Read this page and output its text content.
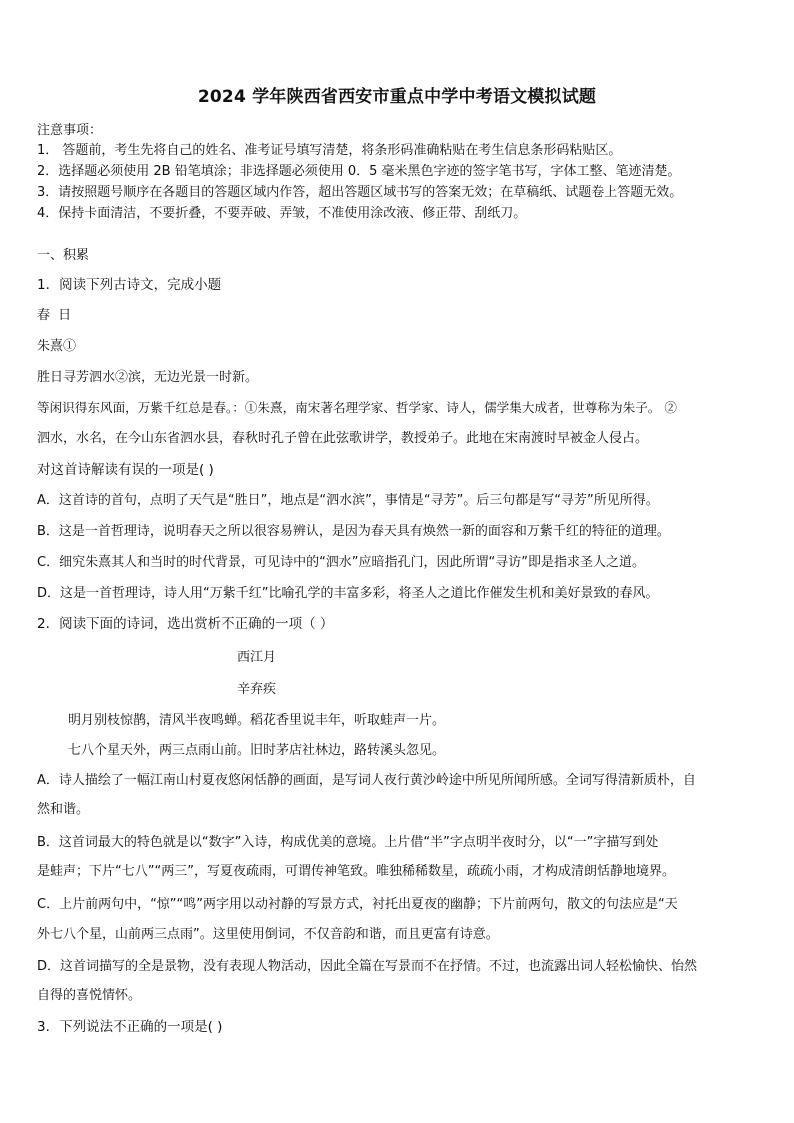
2024 学年陕西省西安市重点中学中考语文模拟试题
注意事项：
1． 答题前，考生先将自己的姓名、准考证号填写清楚，将条形码准确粘贴在考生信息条形码粘贴区。
2．选择题必须使用 2B 铅笔填涂；非选择题必须使用 0．5 毫米黑色字迹的签字笔书写，字体工整、笔迹清楚。
3．请按照题号顺序在各题目的答题区域内作答，超出答题区域书写的答案无效；在草稿纸、试题卷上答题无效。
4．保持卡面清洁，不要折叠，不要弄破、弄皱，不准使用涂改液、修正带、刮纸刀。
一、积累
1．阅读下列古诗文，完成小题
春 日
朱熹①
胜日寻芳泗水②滨，无边光景一时新。
等闲识得东风面，万紫千红总是春。：①朱熹，南宋著名理学家、哲学家、诗人，儒学集大成者，世尊称为朱子。 ②
泗水，水名，在今山东省泗水县，春秋时孔子曾在此弦歌讲学，教授弟子。此地在宋南渡时早被金人侵占。
对这首诗解读有误的一项是( )
A．这首诗的首句，点明了天气是“胜日”，地点是“泗水滨”，事情是“寻芳”。后三句都是写“寻芳”所见所得。
B．这是一首哲理诗，说明春天之所以很容易辨认，是因为春天具有焕然一新的面容和万紫千红的特征的道理。
C．细究朱熹其人和当时的时代背景，可见诗中的“泗水”应暗指孔门，因此所谓“寻访”即是指求圣人之道。
D．这是一首哲理诗，诗人用“万紫千红”比喻孔学的丰富多彩，将圣人之道比作催发生机和美好景致的春风。
2．阅读下面的诗词，选出赏析不正确的一项（ ）
西江月
辛弃疾
明月别枝惊鹊，清风半夜鸣蝉。稻花香里说丰年，听取蛙声一片。
七八个星天外，两三点雨山前。旧时茅店社林边，路转溪头忽见。
A．诗人描绘了一幅江南山村夏夜悠闲恬静的画面，是写词人夜行黄沙岭途中所见所闻所感。全词写得清新质朴，自
然和谐。
B．这首词最大的特色就是以“数字”入诗，构成优美的意境。上片借“半”字点明半夜时分，以“一”字描写到处
是蛙声；下片“七八”“两三”，写夏夜疏雨，可谓传神笔致。唯独稀稀数星，疏疏小雨，才构成清朗恬静地境界。
C．上片前两句中，“惊”“鸣”两字用以动衬静的写景方式，衬托出夏夜的幽静；下片前两句，散文的句法应是“天
外七八个星，山前两三点雨”。这里使用倒词，不仅音韵和谐，而且更富有诗意。
D．这首词描写的全是景物，没有表现人物活动，因此全篇在写景而不在抒情。不过，也流露出词人轻松愉快、怡然
自得的喜悦情怀。
3．下列说法不正确的一项是( )
